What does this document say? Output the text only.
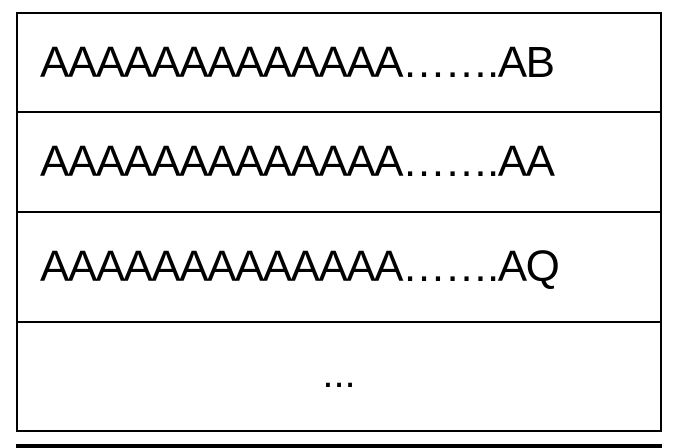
AAAAAAAAAAAAA…….AB
AAAAAAAAAAAAA…….AA
AAAAAAAAAAAAA…….AQ
...
